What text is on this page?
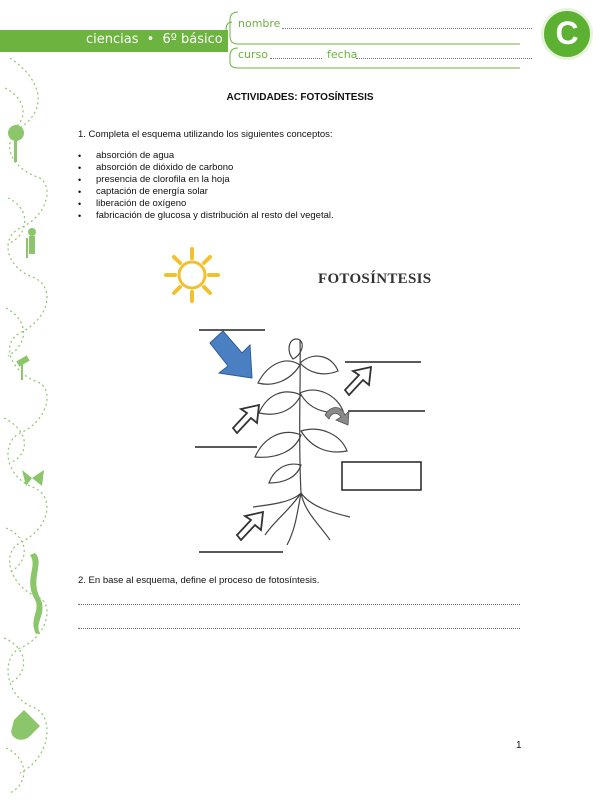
ciencias • 6º básico
nombre
curso	fecha
C
ACTIVIDADES: FOTOSÍNTESIS
1. Completa el esquema utilizando los siguientes conceptos:
• absorción de agua
• absorción de dióxido de carbono
• presencia de clorofila en la hoja
• captación de energía solar
• liberación de oxígeno
• fabricación de glucosa y distribución al resto del vegetal.
FOTOSÍNTESIS
2. En base al esquema, define el proceso de fotosíntesis.
1
